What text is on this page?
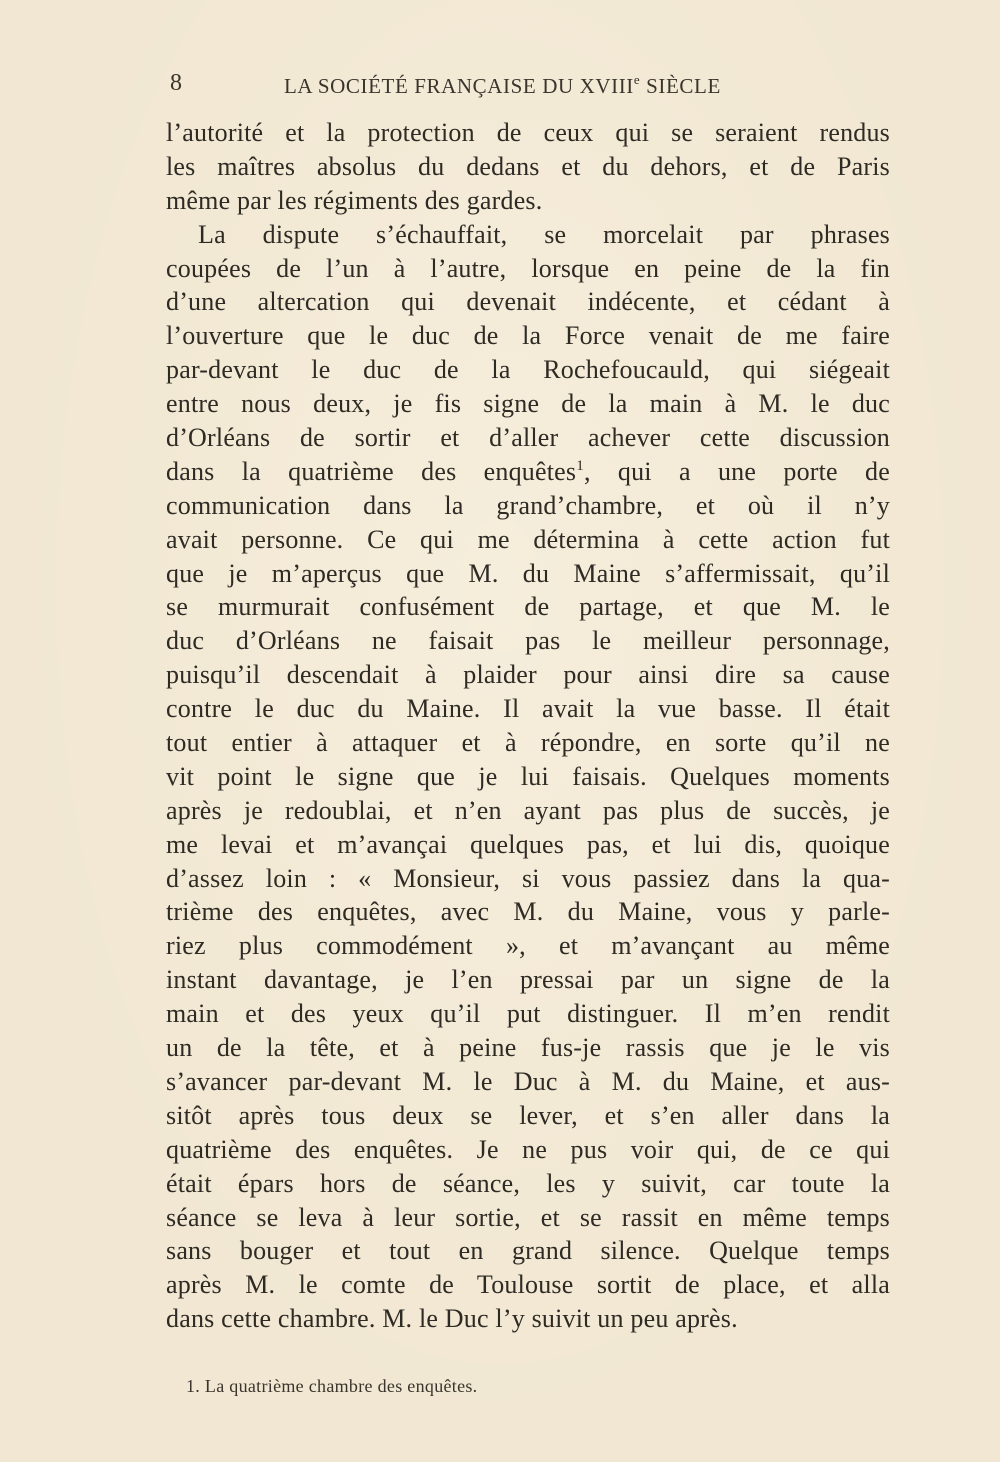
8	LA SOCIÉTÉ FRANÇAISE DU XVIIIe SIÈCLE
l’autorité et la protection de ceux qui se seraient rendus
les maîtres absolus du dedans et du dehors, et de Paris
même par les régiments des gardes.
La dispute s’échauffait, se morcelait par phrases
coupées de l’un à l’autre, lorsque en peine de la fin
d’une altercation qui devenait indécente, et cédant à
l’ouverture que le duc de la Force venait de me faire
par-devant le duc de la Rochefoucauld, qui siégeait
entre nous deux, je fis signe de la main à M. le duc
d’Orléans de sortir et d’aller achever cette discussion
dans la quatrième des enquêtes$^1$, qui a une porte de
communication dans la grand’chambre, et où il n’y
avait personne. Ce qui me détermina à cette action fut
que je m’aperçus que M. du Maine s’affermissait, qu’il
se murmurait confusément de partage, et que M. le
duc d’Orléans ne faisait pas le meilleur personnage,
puisqu’il descendait à plaider pour ainsi dire sa cause
contre le duc du Maine. Il avait la vue basse. Il était
tout entier à attaquer et à répondre, en sorte qu’il ne
vit point le signe que je lui faisais. Quelques moments
après je redoublai, et n’en ayant pas plus de succès, je
me levai et m’avançai quelques pas, et lui dis, quoique
d’assez loin : « Monsieur, si vous passiez dans la qua-
trième des enquêtes, avec M. du Maine, vous y parle-
riez plus commodément », et m’avançant au même
instant davantage, je l’en pressai par un signe de la
main et des yeux qu’il put distinguer. Il m’en rendit
un de la tête, et à peine fus-je rassis que je le vis
s’avancer par-devant M. le Duc à M. du Maine, et aus-
sitôt après tous deux se lever, et s’en aller dans la
quatrième des enquêtes. Je ne pus voir qui, de ce qui
était épars hors de séance, les y suivit, car toute la
séance se leva à leur sortie, et se rassit en même temps
sans bouger et tout en grand silence. Quelque temps
après M. le comte de Toulouse sortit de place, et alla
dans cette chambre. M. le Duc l’y suivit un peu après.
1. La quatrième chambre des enquêtes.
